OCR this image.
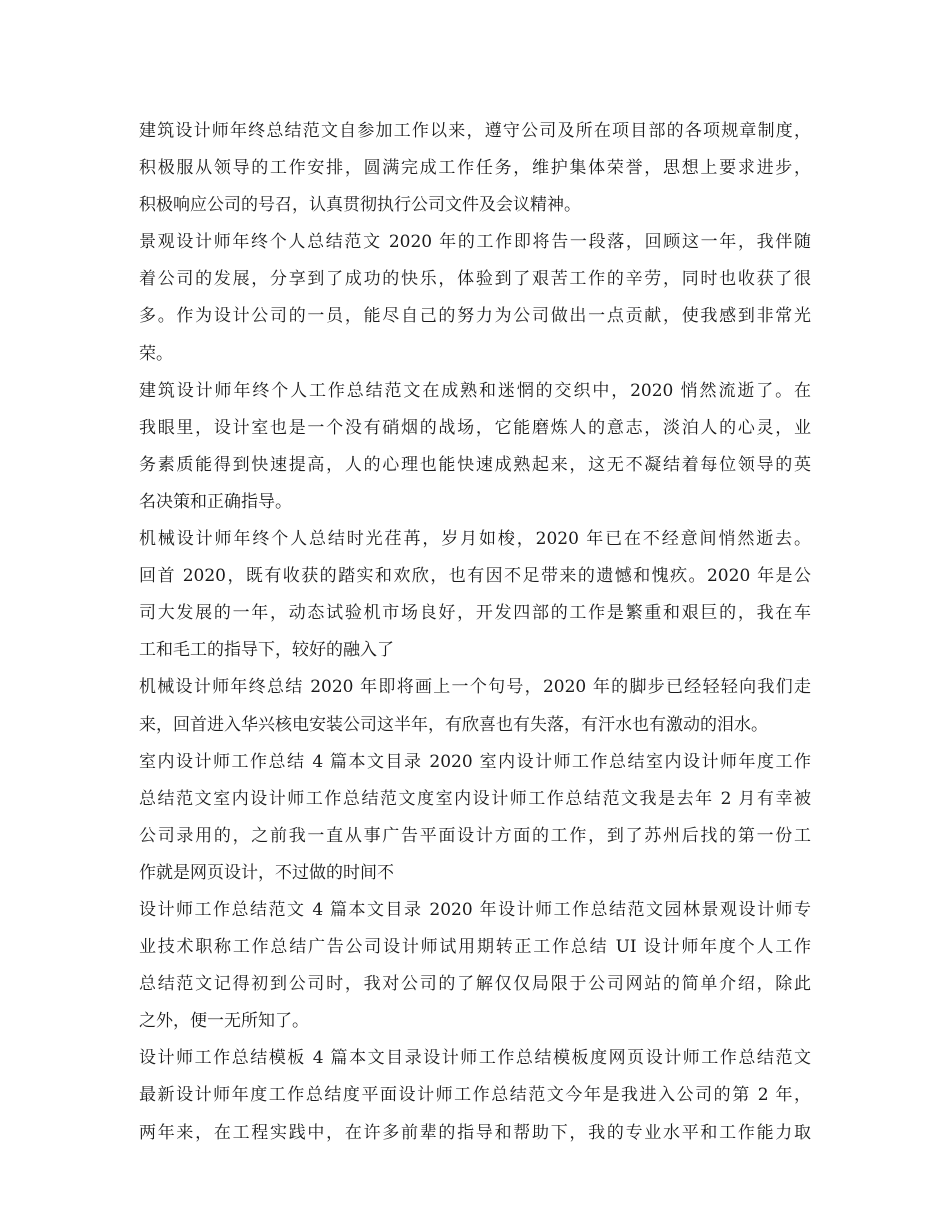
建筑设计师年终总结范文自参加工作以来，遵守公司及所在项目部的各项规章制度，
积极服从领导的工作安排，圆满完成工作任务，维护集体荣誉，思想上要求进步，
积极响应公司的号召，认真贯彻执行公司文件及会议精神。
景观设计师年终个人总结范文 2020 年的工作即将告一段落，回顾这一年，我伴随
着公司的发展，分享到了成功的快乐，体验到了艰苦工作的辛劳，同时也收获了很
多。作为设计公司的一员，能尽自己的努力为公司做出一点贡献，使我感到非常光
荣。
建筑设计师年终个人工作总结范文在成熟和迷惘的交织中，2020 悄然流逝了。在
我眼里，设计室也是一个没有硝烟的战场，它能磨炼人的意志，淡泊人的心灵，业
务素质能得到快速提高，人的心理也能快速成熟起来，这无不凝结着每位领导的英
名决策和正确指导。
机械设计师年终个人总结时光荏苒，岁月如梭，2020 年已在不经意间悄然逝去。
回首 2020，既有收获的踏实和欢欣，也有因不足带来的遗憾和愧疚。2020 年是公
司大发展的一年，动态试验机市场良好，开发四部的工作是繁重和艰巨的，我在车
工和毛工的指导下，较好的融入了
机械设计师年终总结 2020 年即将画上一个句号，2020 年的脚步已经轻轻向我们走
来，回首进入华兴核电安装公司这半年，有欣喜也有失落，有汗水也有激动的泪水。
室内设计师工作总结 4 篇本文目录 2020 室内设计师工作总结室内设计师年度工作
总结范文室内设计师工作总结范文度室内设计师工作总结范文我是去年 2 月有幸被
公司录用的，之前我一直从事广告平面设计方面的工作，到了苏州后找的第一份工
作就是网页设计，不过做的时间不
设计师工作总结范文 4 篇本文目录 2020 年设计师工作总结范文园林景观设计师专
业技术职称工作总结广告公司设计师试用期转正工作总结 UI 设计师年度个人工作
总结范文记得初到公司时，我对公司的了解仅仅局限于公司网站的简单介绍，除此
之外，便一无所知了。
设计师工作总结模板 4 篇本文目录设计师工作总结模板度网页设计师工作总结范文
最新设计师年度工作总结度平面设计师工作总结范文今年是我进入公司的第 2 年，
两年来，在工程实践中，在许多前辈的指导和帮助下，我的专业水平和工作能力取
